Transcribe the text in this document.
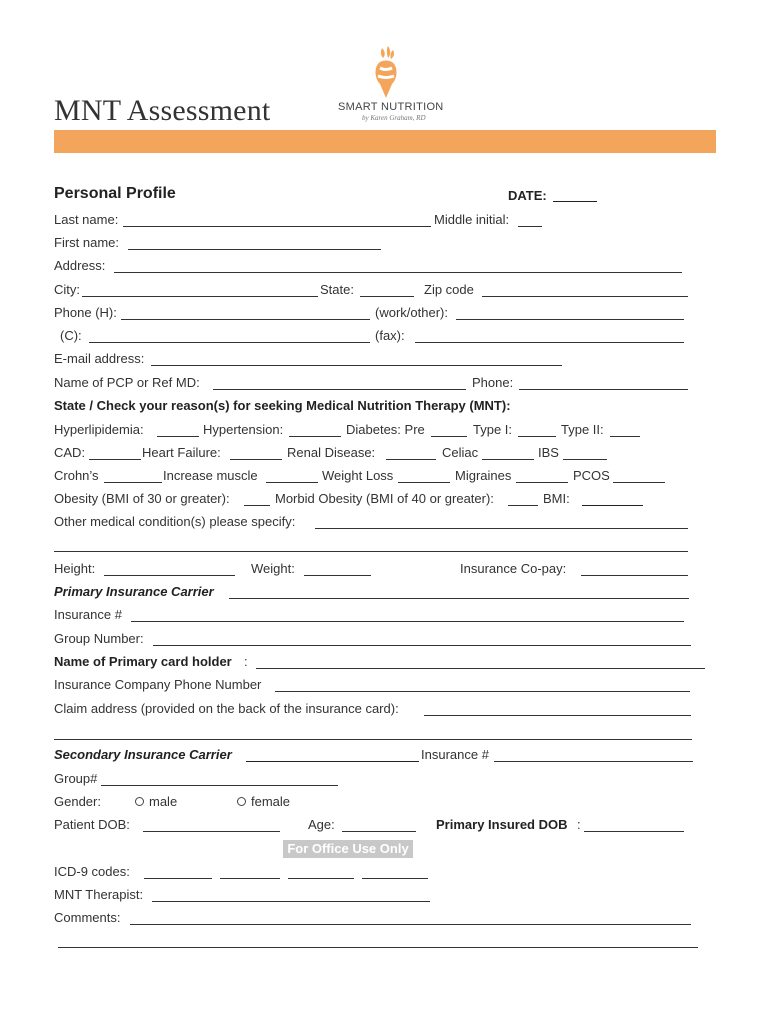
MNT Assessment	SMART NUTRITION
by Karen Graham, RD
Personal Profile	DATE:
Last name:	Middle initial:
First name:
Address:
City:	State:	Zip code
Phone (H):	(work/other):
(C):	(fax):
E-mail address:
Name of PCP or Ref MD:	Phone:
State / Check your reason(s) for seeking Medical Nutrition Therapy (MNT):
Hyperlipidemia:	Hypertension:	Diabetes: Pre	Type I:	Type II:
CAD:	Heart Failure:	Renal Disease:	Celiac	IBS
Crohn’s	Increase muscle	Weight Loss	Migraines	PCOS
Obesity (BMI of 30 or greater):	Morbid Obesity (BMI of 40 or greater):	BMI:
Other medical condition(s) please specify:
Height:	Weight:	Insurance Co-pay:
Primary Insurance Carrier
Insurance #
Group Number:
Name of Primary card holder :
Insurance Company Phone Number
Claim address (provided on the back of the insurance card):
Secondary Insurance Carrier	Insurance #
Group#
Gender:	male	female
Patient DOB:	Age:	Primary Insured DOB :
For Office Use Only
ICD-9 codes:
MNT Therapist:
Comments:
